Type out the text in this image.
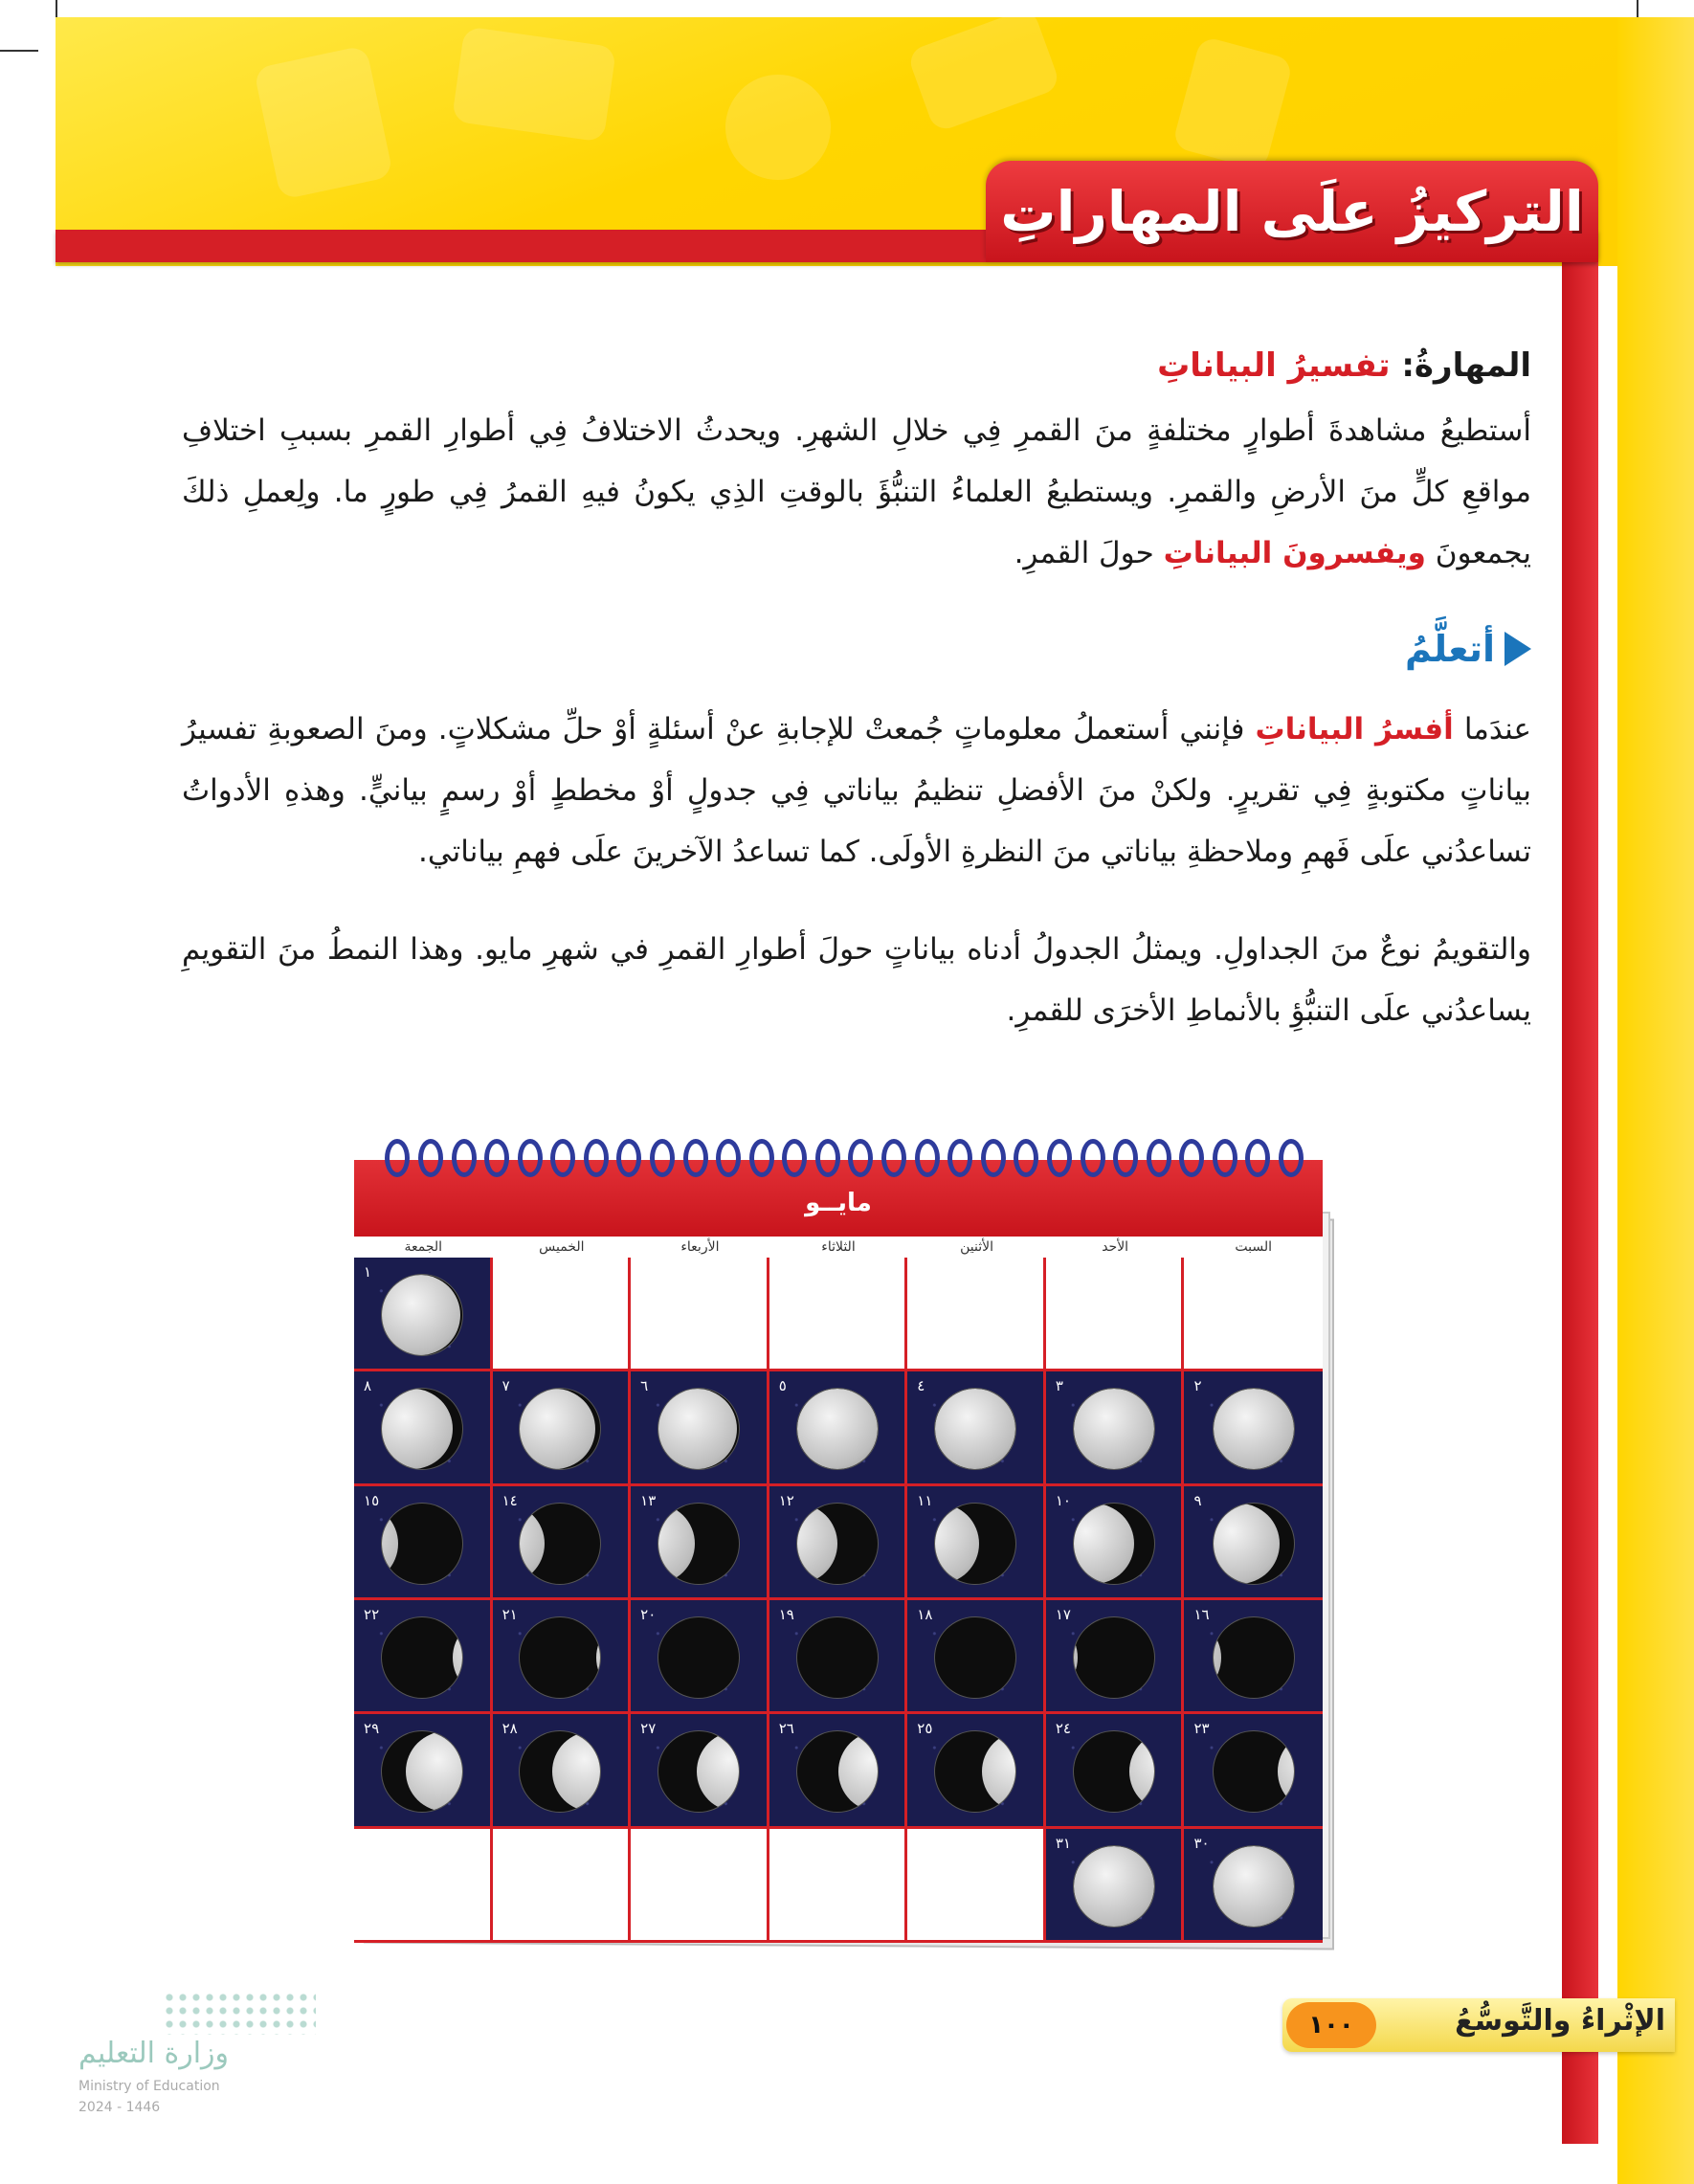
التركيزُ علَى المهاراتِ
المهارةُ: تفسيرُ البياناتِ

أستطيعُ مشاهدةَ أطوارٍ مختلفةٍ منَ القمرِ فِي خلالِ الشهرِ. ويحدثُ الاختلافُ فِي أطوارِ القمرِ بسببِ اختلافِ مواقعِ كلٍّ منَ الأرضِ والقمرِ. ويستطيعُ العلماءُ التنبُّؤَ بالوقتِ الذِي يكونُ فيهِ القمرُ فِي طورٍ ما. ولِعملِ ذلكَ يجمعونَ ويفسرونَ البياناتِ حولَ القمرِ.

أتعلَّمُ

عندَما أفسرُ البياناتِ فإنني أستعملُ معلوماتٍ جُمعتْ للإجابةِ عنْ أسئلةٍ أوْ حلِّ مشكلاتٍ. ومنَ الصعوبةِ تفسيرُ بياناتٍ مكتوبةٍ فِي تقريرٍ. ولكنْ منَ الأفضلِ تنظيمُ بياناتي فِي جدولٍ أوْ مخططٍ أوْ رسمٍ بيانيٍّ. وهذهِ الأدواتُ تساعدُني علَى فَهمِ وملاحظةِ بياناتي منَ النظرةِ الأولَى. كما تساعدُ الآخرينَ علَى فهمِ بياناتي.

والتقويمُ نوعٌ منَ الجداولِ. ويمثلُ الجدولُ أدناه بياناتٍ حولَ أطوارِ القمرِ في شهرِ مايو. وهذا النمطُ منَ التقويمِ يساعدُني علَى التنبُّؤِ بالأنماطِ الأخرَى للقمرِ.

مايــو
السبت
الأحد
الأثنين
الثلاثاء
الأربعاء
الخميس
الجمعة
١
٢
٣
٤
٥
٦
٧
٨
٩
١٠
١١
١٢
١٣
١٤
١٥
١٦
١٧
١٨
١٩
٢٠
٢١
٢٢
٢٣
٢٤
٢٥
٢٦
٢٧
٢٨
٢٩
٣٠
٣١
الإثْراءُ والتَّوسُّعُ
١٠٠
وزارة التعليم
Ministry of Education
2024 - 1446
